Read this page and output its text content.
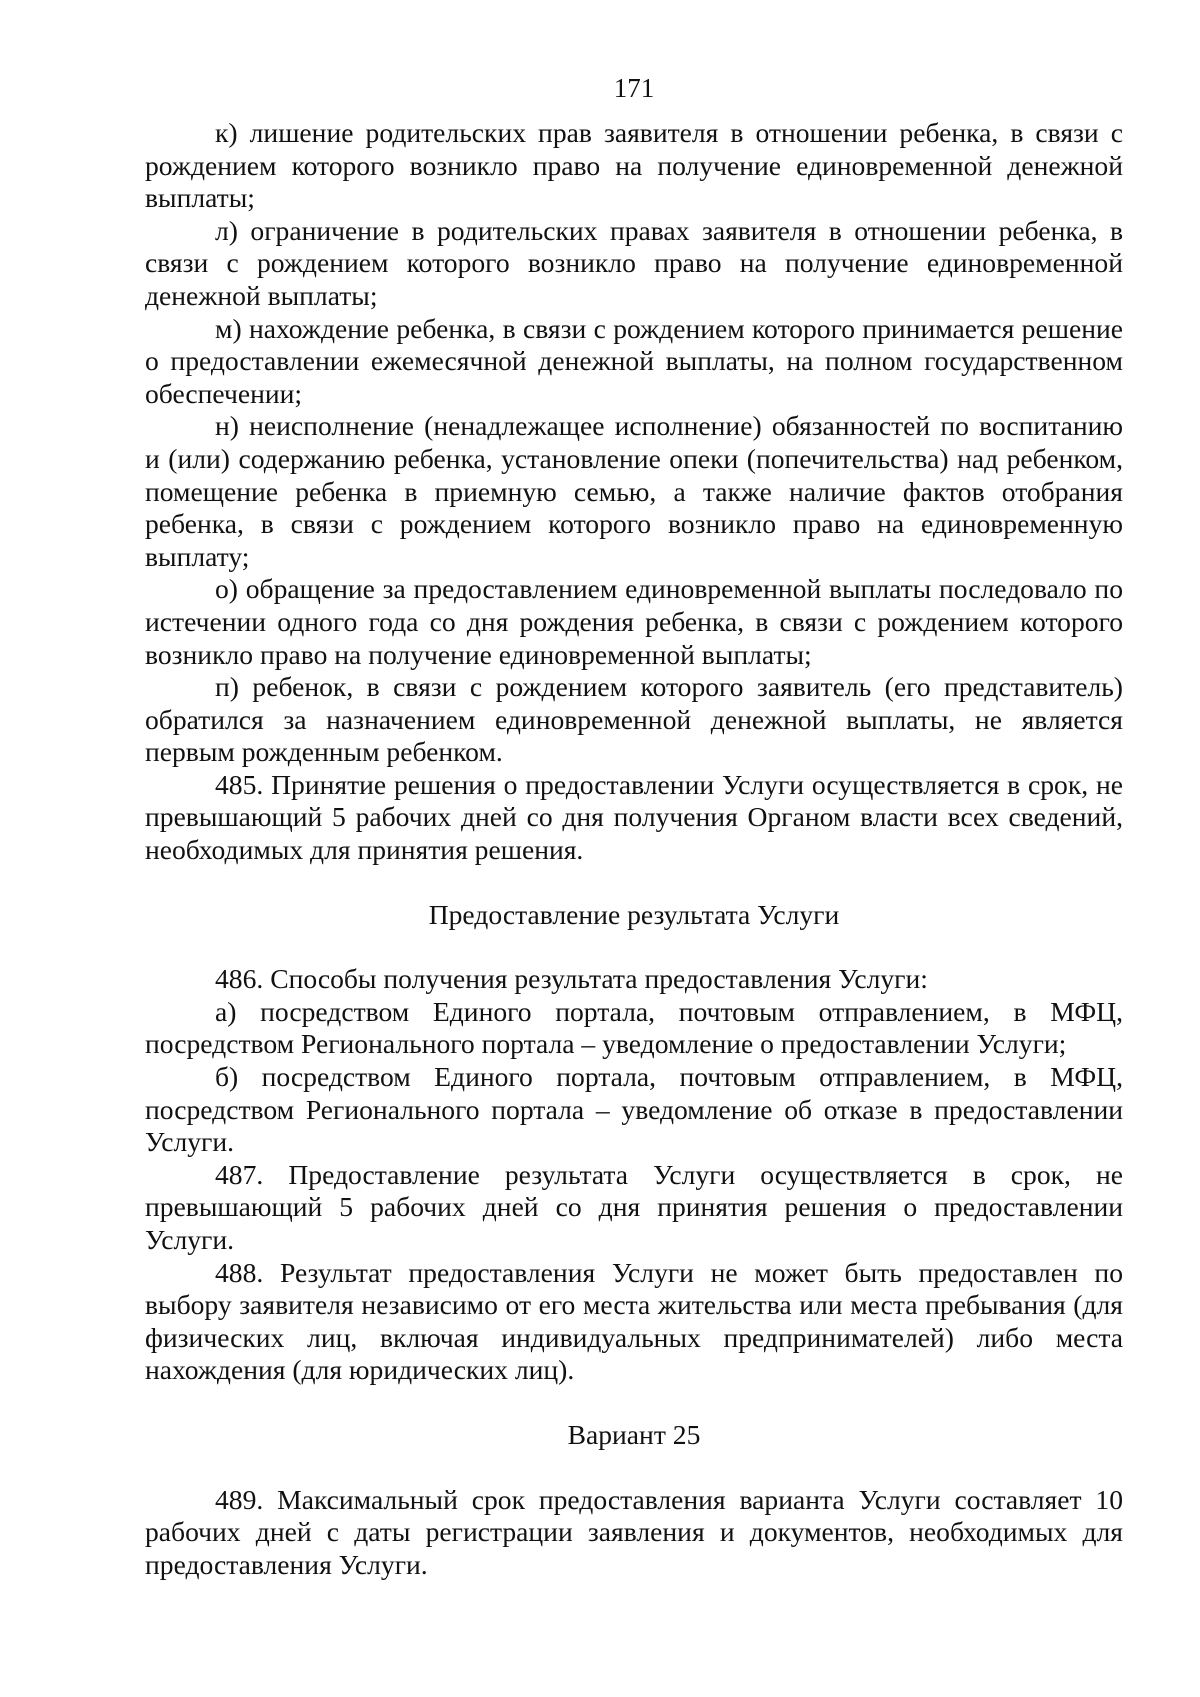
171

к) лишение родительских прав заявителя в отношении ребенка, в связи с рождением которого возникло право на получение единовременной денежной выплаты;

л) ограничение в родительских правах заявителя в отношении ребенка, в связи с рождением которого возникло право на получение единовременной денежной выплаты;

м) нахождение ребенка, в связи с рождением которого принимается решение о предоставлении ежемесячной денежной выплаты, на полном государственном обеспечении;

н) неисполнение (ненадлежащее исполнение) обязанностей по воспитанию и (или) содержанию ребенка, установление опеки (попечительства) над ребенком, помещение ребенка в приемную семью, а также наличие фактов отобрания ребенка, в связи с рождением которого возникло право на единовременную выплату;

о) обращение за предоставлением единовременной выплаты последовало по истечении одного года со дня рождения ребенка, в связи с рождением которого возникло право на получение единовременной выплаты;

п) ребенок, в связи с рождением которого заявитель (его представитель) обратился за назначением единовременной денежной выплаты, не является первым рожденным ребенком.

485. Принятие решения о предоставлении Услуги осуществляется в срок, не превышающий 5 рабочих дней со дня получения Органом власти всех сведений, необходимых для принятия решения.

Предоставление результата Услуги

486. Способы получения результата предоставления Услуги:

а) посредством Единого портала, почтовым отправлением, в МФЦ, посредством Регионального портала – уведомление о предоставлении Услуги;

б) посредством Единого портала, почтовым отправлением, в МФЦ, посредством Регионального портала – уведомление об отказе в предоставлении Услуги.

487. Предоставление результата Услуги осуществляется в срок, не превышающий 5 рабочих дней со дня принятия решения о предоставлении Услуги.

488. Результат предоставления Услуги не может быть предоставлен по выбору заявителя независимо от его места жительства или места пребывания (для физических лиц, включая индивидуальных предпринимателей) либо места нахождения (для юридических лиц).

Вариант 25

489. Максимальный срок предоставления варианта Услуги составляет 10 рабочих дней с даты регистрации заявления и документов, необходимых для предоставления Услуги.
